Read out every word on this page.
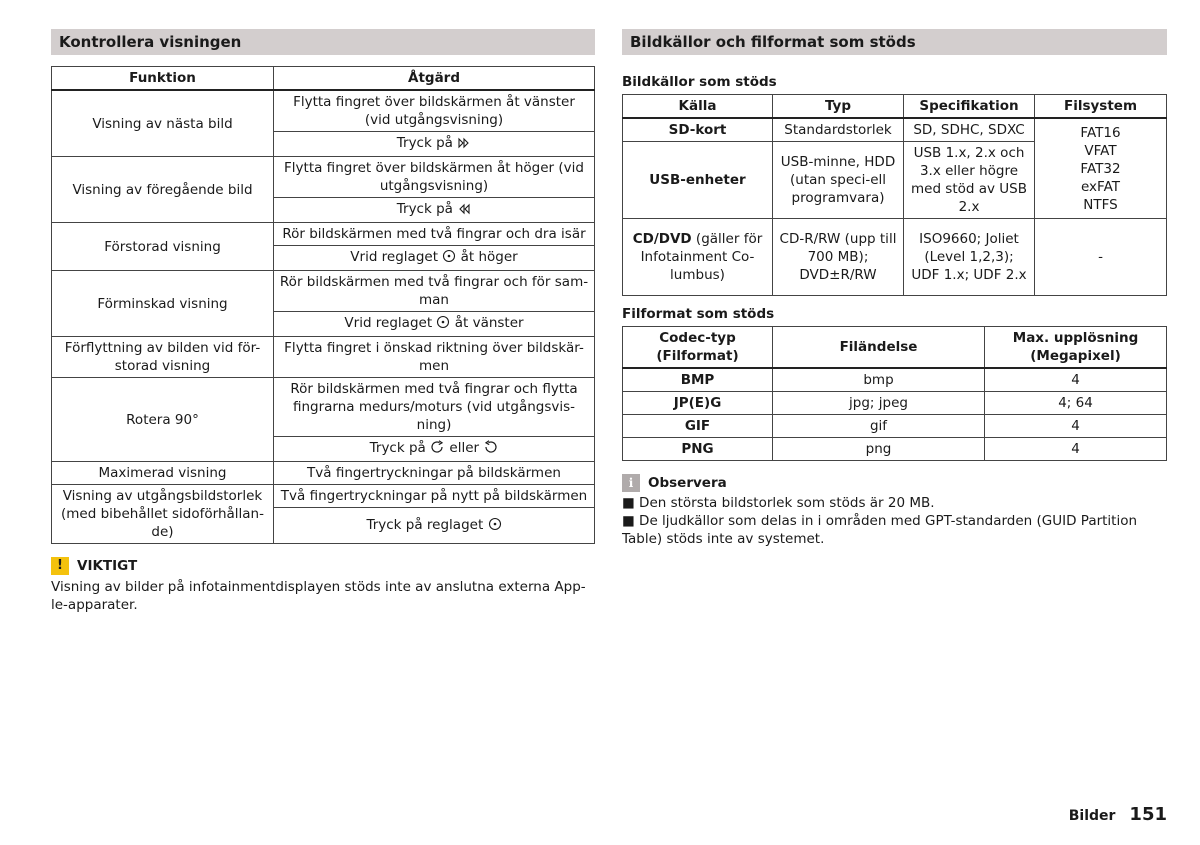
Kontrollera visningen
Funktion	Åtgärd
Visning av nästa bild	Flytta fingret över bildskärmen åt vänster (vid utgångsvisning)
	Tryck på
Visning av föregående bild	Flytta fingret över bildskärmen åt höger (vid utgångsvisning)
	Tryck på
Förstorad visning	Rör bildskärmen med två fingrar och dra isär
	Vrid reglaget åt höger
Förminskad visning	Rör bildskärmen med två fingrar och för sam-man
	Vrid reglaget åt vänster
Förflyttning av bilden vid för-storad visning	Flytta fingret i önskad riktning över bildskär-men
Rotera 90°	Rör bildskärmen med två fingrar och flytta fingrarna medurs/moturs (vid utgångsvis-ning)
	Tryck på eller
Maximerad visning	Två fingertryckningar på bildskärmen
Visning av utgångsbildstorlek (med bibehållet sidoförhållan-de)	Två fingertryckningar på nytt på bildskärmen
	Tryck på reglaget
!	VIKTIGT
Visning av bilder på infotainmentdisplayen stöds inte av anslutna externa App-le-apparater.
Bildkällor och filformat som stöds
Bildkällor som stöds
Källa	Typ	Specifikation	Filsystem
SD-kort	Standardstorlek	SD, SDHC, SDXC	FAT16
VFAT
FAT32
exFAT
NTFS

USB-enheter	USB-minne, HDD (utan speci-ell programvara)	USB 1.x, 2.x och 3.x eller högre med stöd av USB 2.x	
CD/DVD (gäller för Infotainment Co-lumbus)	CD-R/RW (upp till 700 MB); DVD±R/RW	ISO9660; Joliet (Level 1,2,3); UDF 1.x; UDF 2.x	-
Filformat som stöds
Codec-typ (Filformat)	Filändelse	Max. upplösning (Megapixel)
BMP	bmp	4
JP(E)G	jpg; jpeg	4; 64
GIF	gif	4
PNG	png	4
i	Observera
■ Den största bildstorlek som stöds är 20 MB.
■ De ljudkällor som delas in i områden med GPT-standarden (GUID Partition Table) stöds inte av systemet.
Bilder 151
